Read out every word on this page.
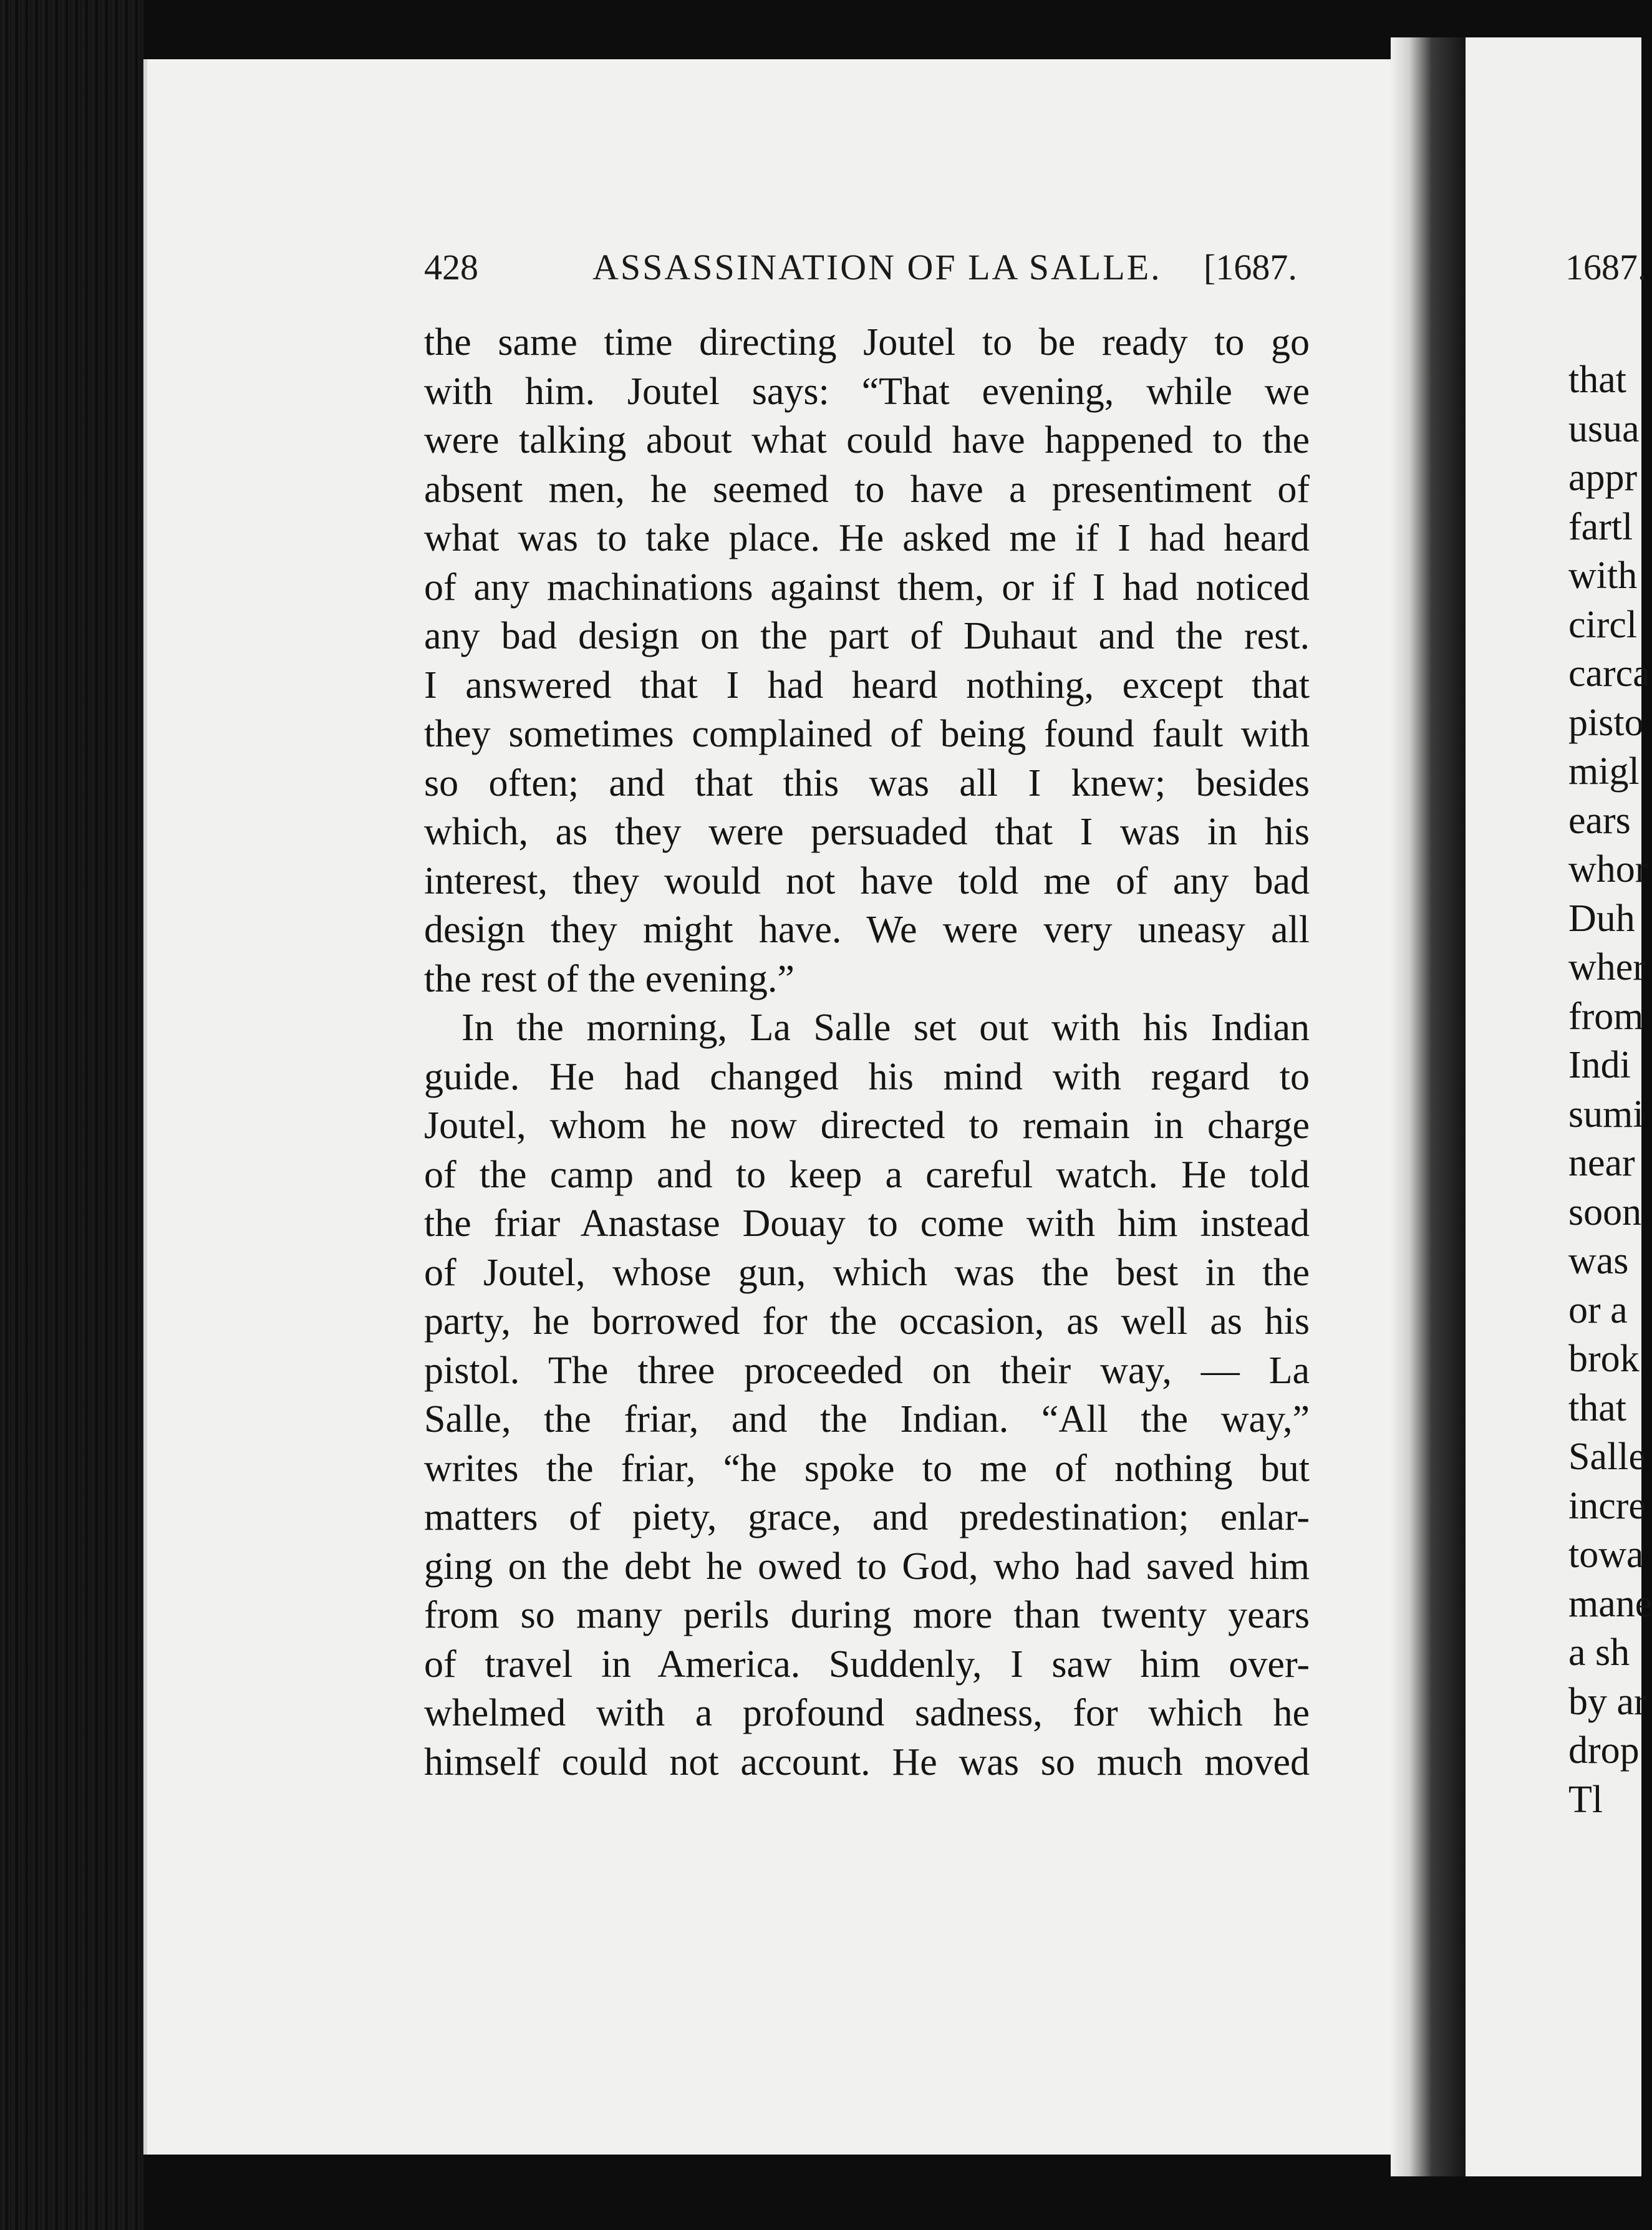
428	ASSASSINATION OF LA SALLE. [1687.
the same time directing Joutel to be ready to go
with him. Joutel says: “That evening, while we
were talking about what could have happened to the
absent men, he seemed to have a presentiment of
what was to take place. He asked me if I had heard
of any machinations against them, or if I had noticed
any bad design on the part of Duhaut and the rest.
I answered that I had heard nothing, except that
they sometimes complained of being found fault with
so often; and that this was all I knew; besides
which, as they were persuaded that I was in his
interest, they would not have told me of any bad
design they might have. We were very uneasy all
the rest of the evening.”
In the morning, La Salle set out with his Indian
guide. He had changed his mind with regard to
Joutel, whom he now directed to remain in charge
of the camp and to keep a careful watch. He told
the friar Anastase Douay to come with him instead
of Joutel, whose gun, which was the best in the
party, he borrowed for the occasion, as well as his
pistol. The three proceeded on their way, — La
Salle, the friar, and the Indian. “All the way,”
writes the friar, “he spoke to me of nothing but
matters of piety, grace, and predestination; enlar-
ging on the debt he owed to God, who had saved him
from so many perils during more than twenty years
of travel in America. Suddenly, I saw him over-
whelmed with a profound sadness, for which he
himself could not account. He was so much moved
1687.
that
usua
appr
fartl
with
circl
carca
pisto
migl
ears
whor
Duh
wher
from
Indi
sumi
near
soon
was
or a
brok
that
Salle
incre
towa
mane
a sh
by ar
drop
Tl
